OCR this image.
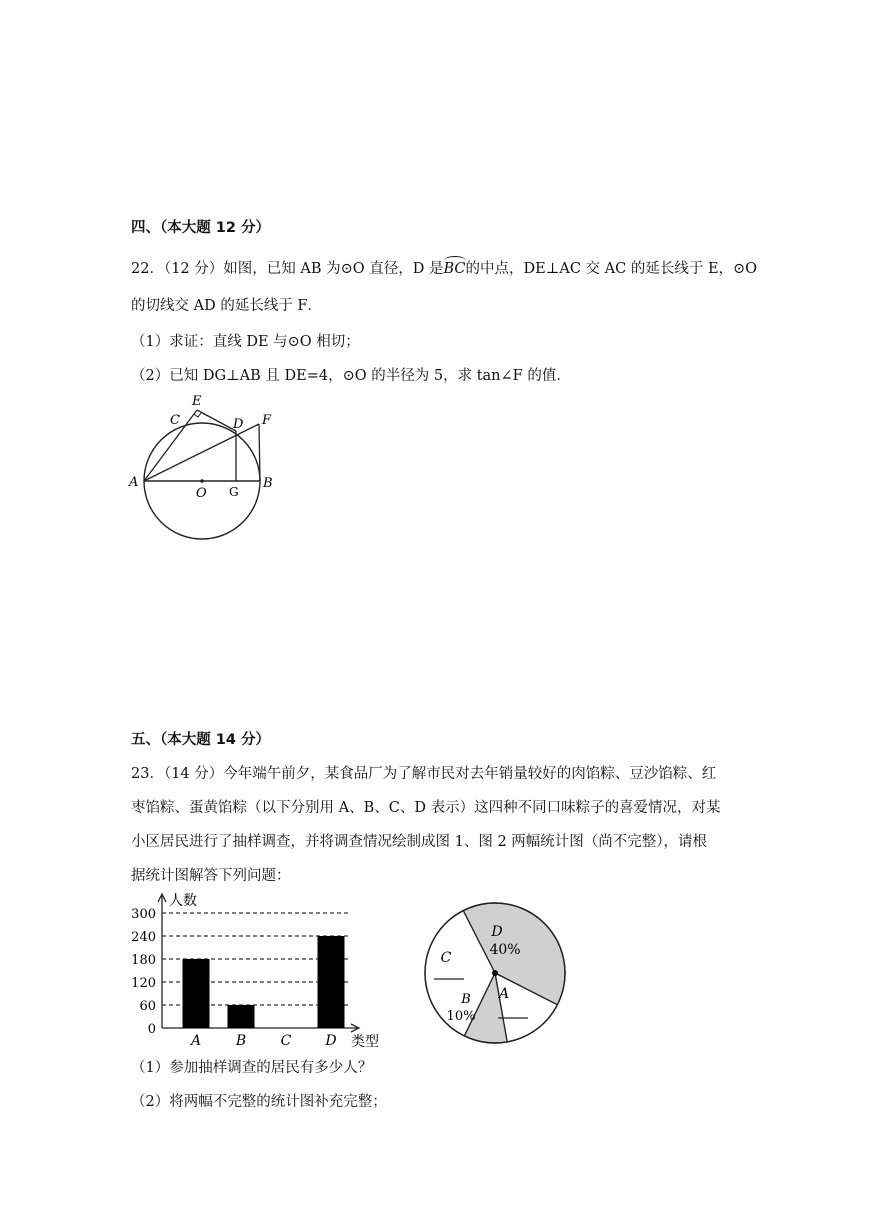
四、（本大题 12 分）
22．（12 分）如图，已知 AB 为⊙O 直径，D 是BC的中点，DE⊥AC 交 AC 的延长线于 E，⊙O
的切线交 AD 的延长线于 F．
（1）求证：直线 DE 与⊙O 相切；
（2）已知 DG⊥AB 且 DE=4，⊙O 的半径为 5，求 tan∠F 的值．
A	B
C	D
E
F
G
O
五、（本大题 14 分）
23．（14 分）今年端午前夕，某食品厂为了解市民对去年销量较好的肉馅粽、豆沙馅粽、红
枣馅粽、蛋黄馅粽（以下分别用 A、B、C、D 表示）这四种不同口味粽子的喜爱情况，对某
小区居民进行了抽样调查，并将调查情况绘制成图 1、图 2 两幅统计图（尚不完整），请根
据统计图解答下列问题：
人数
类型
0
60
120
180
240
300
A B C D
D
40%
A
B
10%
C
（1）参加抽样调查的居民有多少人？
（2）将两幅不完整的统计图补充完整；
